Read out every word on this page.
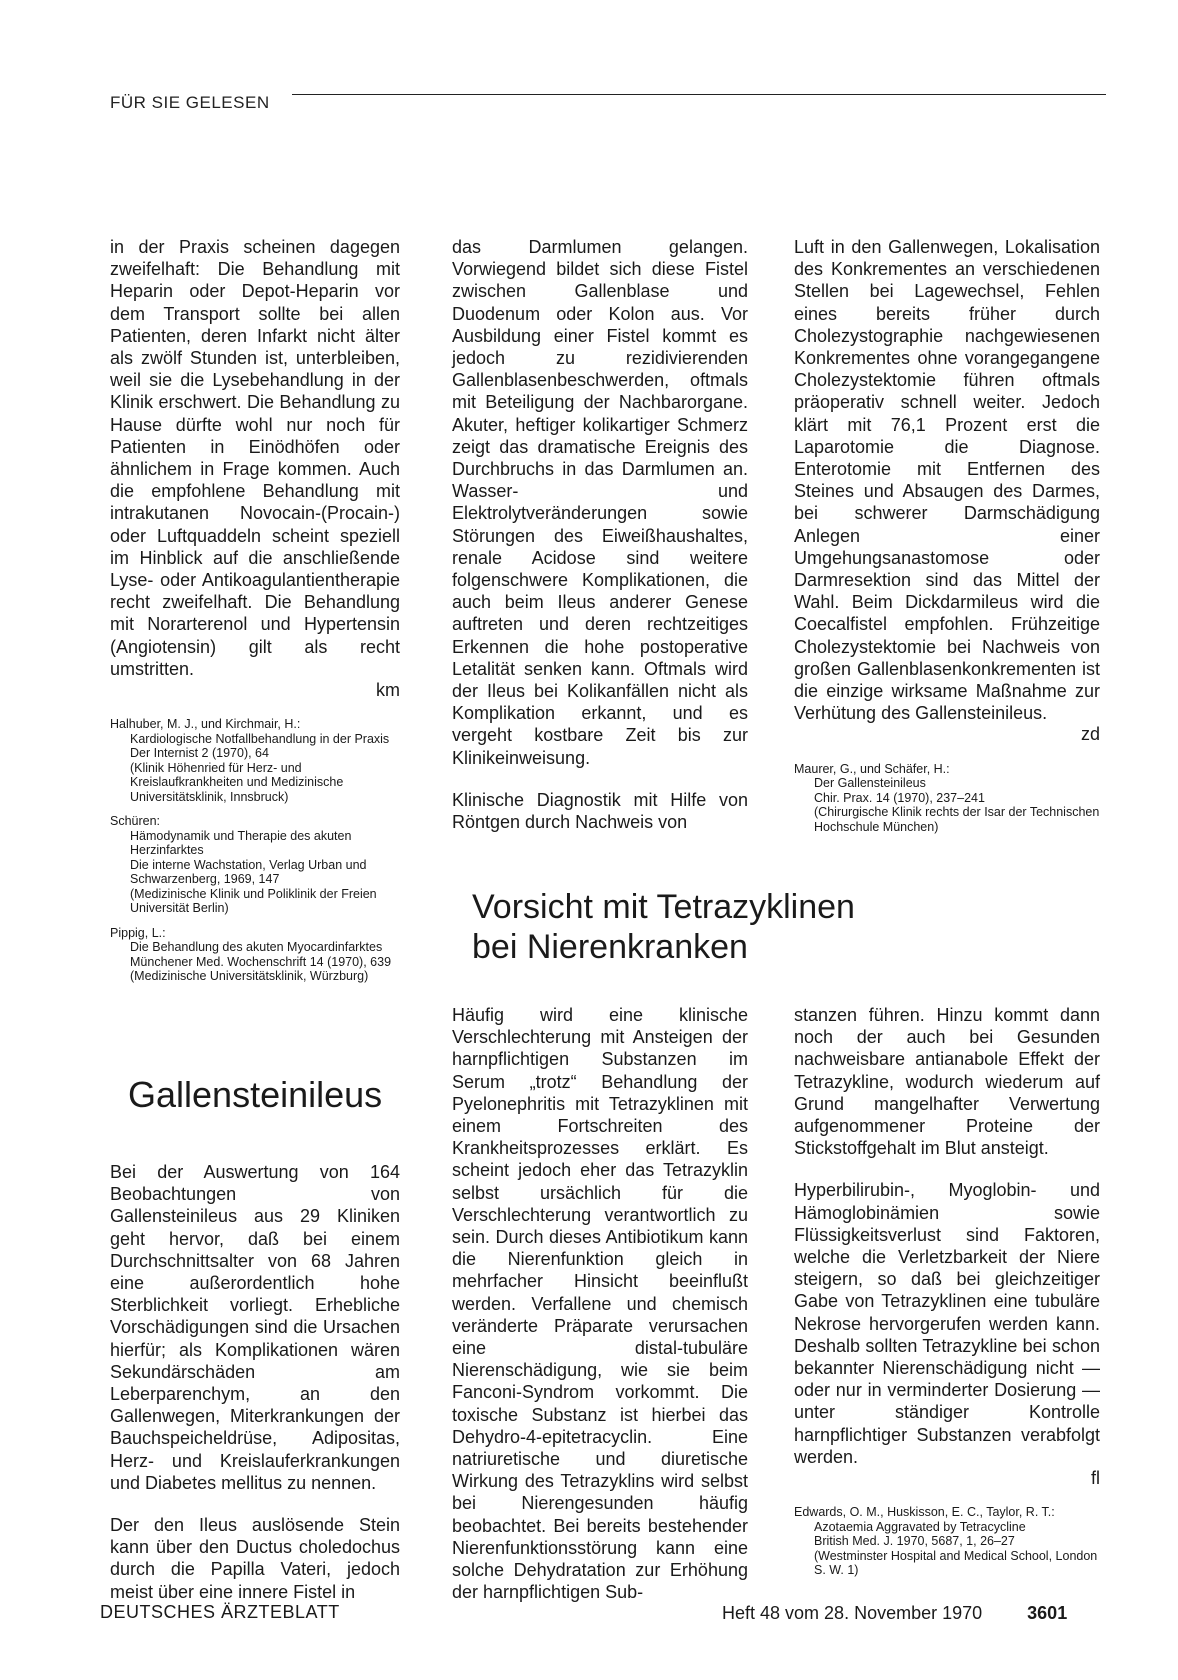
FÜR SIE GELESEN

in der Praxis scheinen dagegen zweifelhaft: Die Behandlung mit Heparin oder Depot-Heparin vor dem Transport sollte bei allen Patienten, deren Infarkt nicht älter als zwölf Stunden ist, unterbleiben, weil sie die Lysebehandlung in der Klinik erschwert. Die Behandlung zu Hause dürfte wohl nur noch für Patienten in Einödhöfen oder ähnlichem in Frage kommen. Auch die empfohlene Behandlung mit intrakutanen Novocain-(Procain-) oder Luftquaddeln scheint speziell im Hinblick auf die anschließende Lyse- oder Antikoagulantientherapie recht zweifelhaft. Die Behandlung mit Norarterenol und Hypertensin (Angiotensin) gilt als recht umstritten.

km
Halhuber, M. J., und Kirchmair, H.:
Kardiologische Notfallbehandlung in der Praxis
Der Internist 2 (1970), 64
(Klinik Höhenried für Herz- und Kreislaufkrankheiten und Medizinische Universitätsklinik, Innsbruck)
Schüren:
Hämodynamik und Therapie des akuten Herzinfarktes
Die interne Wachstation, Verlag Urban und Schwarzenberg, 1969, 147
(Medizinische Klinik und Poliklinik der Freien Universität Berlin)
Pippig, L.:
Die Behandlung des akuten Myocardinfarktes
Münchener Med. Wochenschrift 14 (1970), 639
(Medizinische Universitätsklinik, Würzburg)
Gallensteinileus

Bei der Auswertung von 164 Beobachtungen von Gallensteinileus aus 29 Kliniken geht hervor, daß bei einem Durchschnittsalter von 68 Jahren eine außerordentlich hohe Sterblichkeit vorliegt. Erhebliche Vorschädigungen sind die Ursachen hierfür; als Komplikationen wären Sekundärschäden am Leberparenchym, an den Gallenwegen, Miterkrankungen der Bauchspeicheldrüse, Adipositas, Herz- und Kreislauferkrankungen und Diabetes mellitus zu nennen.

Der den Ileus auslösende Stein kann über den Ductus choledochus durch die Papilla Vateri, jedoch meist über eine innere Fistel in

das Darmlumen gelangen. Vorwiegend bildet sich diese Fistel zwischen Gallenblase und Duodenum oder Kolon aus. Vor Ausbildung einer Fistel kommt es jedoch zu rezidivierenden Gallenblasenbeschwerden, oftmals mit Beteiligung der Nachbarorgane. Akuter, heftiger kolikartiger Schmerz zeigt das dramatische Ereignis des Durchbruchs in das Darmlumen an. Wasser- und Elektrolytveränderungen sowie Störungen des Eiweißhaushaltes, renale Acidose sind weitere folgenschwere Komplikationen, die auch beim Ileus anderer Genese auftreten und deren rechtzeitiges Erkennen die hohe postoperative Letalität senken kann. Oftmals wird der Ileus bei Kolikanfällen nicht als Komplikation erkannt, und es vergeht kostbare Zeit bis zur Klinikeinweisung.

Klinische Diagnostik mit Hilfe von Röntgen durch Nachweis von

Luft in den Gallenwegen, Lokalisation des Konkrementes an verschiedenen Stellen bei Lagewechsel, Fehlen eines bereits früher durch Cholezystographie nachgewiesenen Konkrementes ohne vorangegangene Cholezystektomie führen oftmals präoperativ schnell weiter. Jedoch klärt mit 76,1 Prozent erst die Laparotomie die Diagnose. Enterotomie mit Entfernen des Steines und Absaugen des Darmes, bei schwerer Darmschädigung Anlegen einer Umgehungsanastomose oder Darmresektion sind das Mittel der Wahl. Beim Dickdarmileus wird die Coecalfistel empfohlen. Frühzeitige Cholezystektomie bei Nachweis von großen Gallenblasenkonkrementen ist die einzige wirksame Maßnahme zur Verhütung des Gallensteinileus.

zd
Maurer, G., und Schäfer, H.:
Der Gallensteinileus
Chir. Prax. 14 (1970), 237–241
(Chirurgische Klinik rechts der Isar der Technischen Hochschule München)
Vorsicht mit Tetrazyklinen
bei Nierenkranken

Häufig wird eine klinische Verschlechterung mit Ansteigen der harnpflichtigen Substanzen im Serum „trotz“ Behandlung der Pyelonephritis mit Tetrazyklinen mit einem Fortschreiten des Krankheitsprozesses erklärt. Es scheint jedoch eher das Tetrazyklin selbst ursächlich für die Verschlechterung verantwortlich zu sein. Durch dieses Antibiotikum kann die Nierenfunktion gleich in mehrfacher Hinsicht beeinflußt werden. Verfallene und chemisch veränderte Präparate verursachen eine distal-tubuläre Nierenschädigung, wie sie beim Fanconi-Syndrom vorkommt. Die toxische Substanz ist hierbei das Dehydro-4-epitetracyclin. Eine natriuretische und diuretische Wirkung des Tetrazyklins wird selbst bei Nierengesunden häufig beobachtet. Bei bereits bestehender Nierenfunktionsstörung kann eine solche Dehydratation zur Erhöhung der harnpflichtigen Sub-

stanzen führen. Hinzu kommt dann noch der auch bei Gesunden nachweisbare antianabole Effekt der Tetrazykline, wodurch wiederum auf Grund mangelhafter Verwertung aufgenommener Proteine der Stickstoffgehalt im Blut ansteigt.

Hyperbilirubin-, Myoglobin- und Hämoglobinämien sowie Flüssigkeitsverlust sind Faktoren, welche die Verletzbarkeit der Niere steigern, so daß bei gleichzeitiger Gabe von Tetrazyklinen eine tubuläre Nekrose hervorgerufen werden kann. Deshalb sollten Tetrazykline bei schon bekannter Nierenschädigung nicht — oder nur in verminderter Dosierung — unter ständiger Kontrolle harnpflichtiger Substanzen verabfolgt werden.

fl
Edwards, O. M., Huskisson, E. C., Taylor, R. T.:
Azotaemia Aggravated by Tetracycline
British Med. J. 1970, 5687, 1, 26–27
(Westminster Hospital and Medical School, London S. W. 1)
DEUTSCHES ÄRZTEBLATT	Heft 48 vom 28. November 1970	3601
